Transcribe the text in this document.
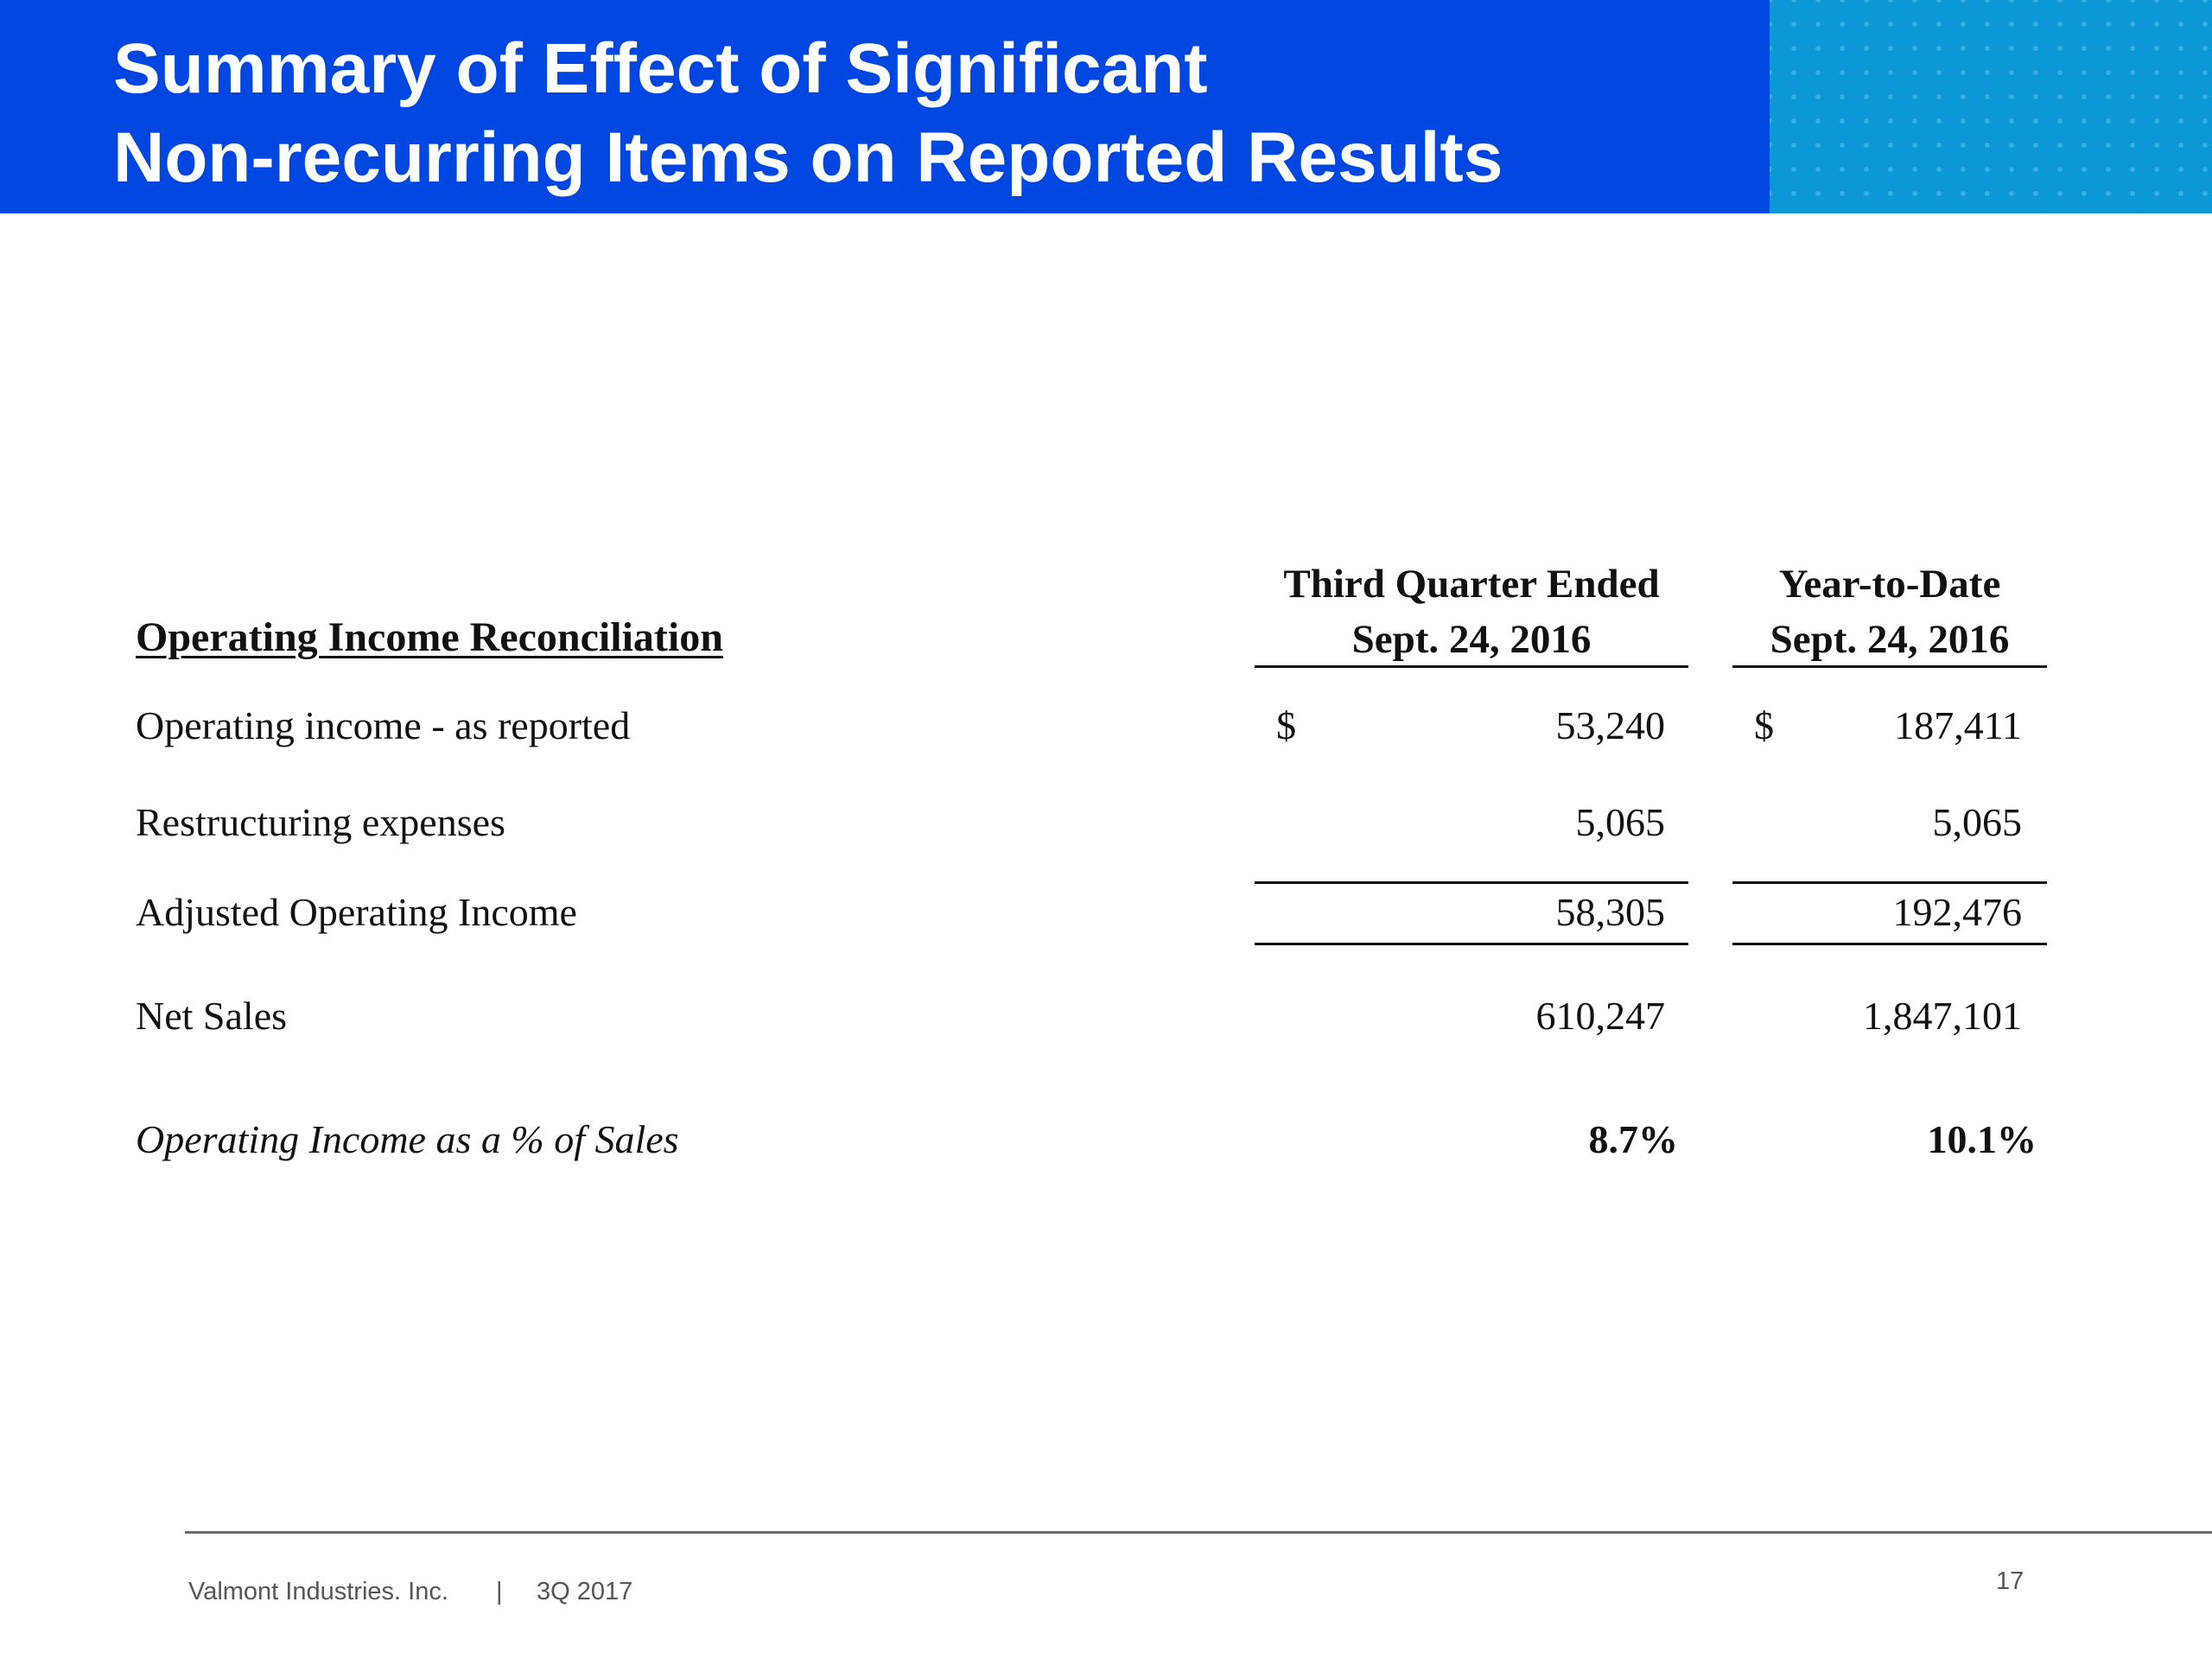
Summary of Effect of Significant
Non-recurring Items on Reported Results
Operating Income Reconciliation
Third Quarter Ended
Sept. 24, 2016
Year-to-Date
Sept. 24, 2016
Operating income - as reported	$	53,240 $	187,411
Restructuring expenses	5,065	5,065
Adjusted Operating Income	58,305	192,476
Net Sales	610,247	1,847,101
Operating Income as a % of Sales	8.7%	10.1%
Valmont Industries. Inc. | 3Q 2017	17
